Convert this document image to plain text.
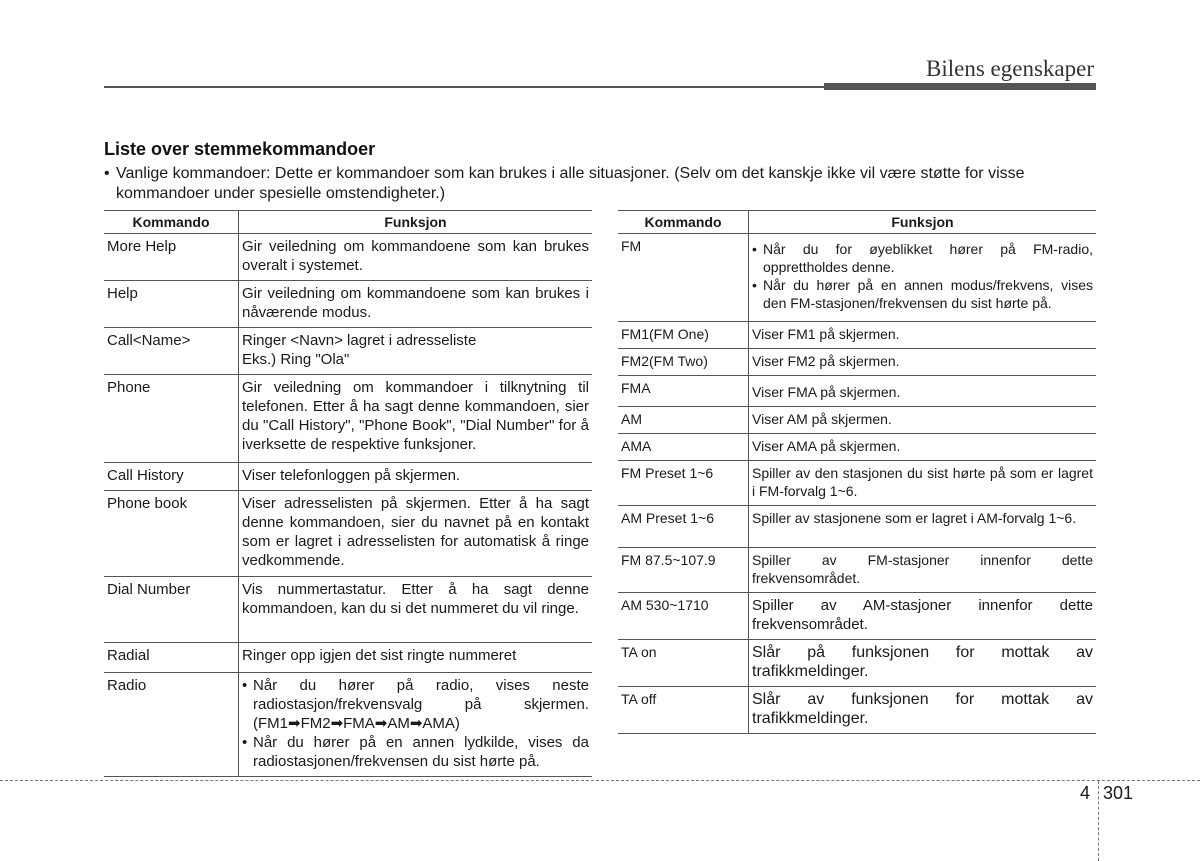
Bilens egenskaper
Liste over stemmekommandoer
• Vanlige kommandoer: Dette er kommandoer som kan brukes i alle situasjoner. (Selv om det kanskje ikke vil være støtte for visse kommandoer under spesielle omstendigheter.)
Kommando	Funksjon
More Help	Gir veiledning om kommandoene som kan brukes overalt i systemet.
Help	Gir veiledning om kommandoene som kan brukes i nåværende modus.
Call<Name>	Ringer <Navn> lagret i adresseliste
Eks.) Ring "Ola"

Phone	Gir veiledning om kommandoer i tilknytning til telefonen. Etter å ha sagt denne kommandoen, sier du "Call History", "Phone Book", "Dial Number" for å iverksette de respektive funksjoner.
Call History	Viser telefonloggen på skjermen.
Phone book	Viser adresselisten på skjermen. Etter å ha sagt denne kommandoen, sier du navnet på en kontakt som er lagret i adresselisten for automatisk å ringe vedkommende.
Dial Number	Vis nummertastatur. Etter å ha sagt denne kommandoen, kan du si det nummeret du vil ringe.
Radial	Ringer opp igjen det sist ringte nummeret
Radio	• Når du hører på radio, vises neste radiostasjon/frekvensvalg på skjermen. (FM1➡FM2➡FMA➡AM➡AMA)
• Når du hører på en annen lydkilde, vises da radiostasjonen/frekvensen du sist hørte på.
Kommando	Funksjon
FM	• Når du for øyeblikket hører på FM-radio, opprettholdes denne.
• Når du hører på en annen modus/frekvens, vises den FM-stasjonen/frekvensen du sist hørte på.

FM1(FM One)	Viser FM1 på skjermen.
FM2(FM Two)	Viser FM2 på skjermen.
FMA	Viser FMA på skjermen.
AM	Viser AM på skjermen.
AMA	Viser AMA på skjermen.
FM Preset 1~6	Spiller av den stasjonen du sist hørte på som er lagret i FM-forvalg 1~6.
AM Preset 1~6	Spiller av stasjonene som er lagret i AM-forvalg 1~6.
FM 87.5~107.9	Spiller av FM-stasjoner innenfor dette frekvensområdet.
AM 530~1710	Spiller av AM-stasjoner innenfor dette frekvensområdet.
TA on	Slår på funksjonen for mottak av trafikkmeldinger.
TA off	Slår av funksjonen for mottak av trafikkmeldinger.
4 301
